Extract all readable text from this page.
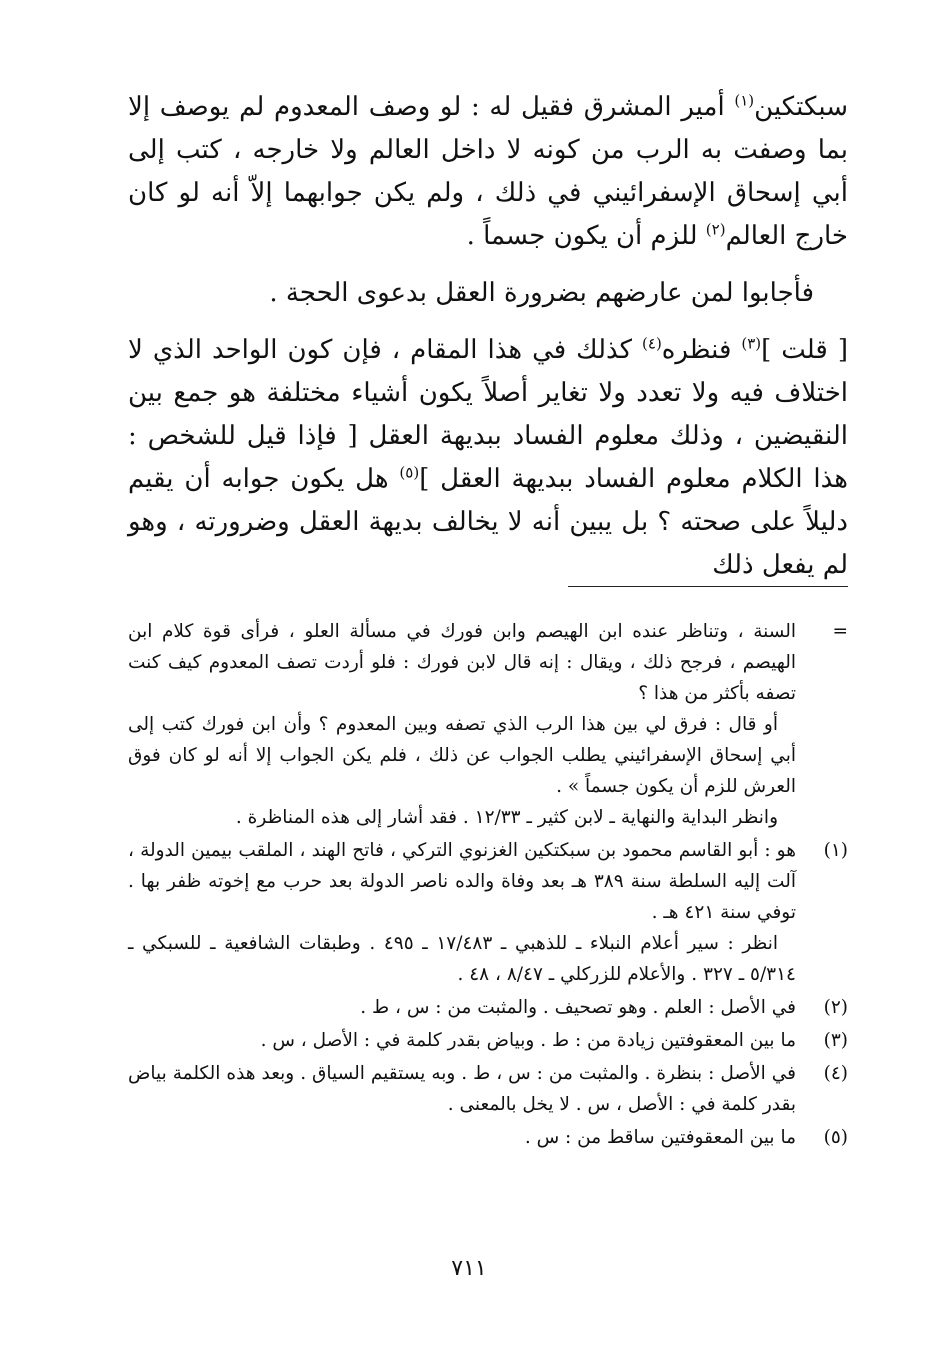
سبكتكين$^{(١)}$ أمير المشرق فقيل له : لو وصف المعدوم لم يوصف إلا بما وصفت به الرب من كونه لا داخل العالم ولا خارجه ، كتب إلى أبي إسحاق الإسفرائيني في ذلك ، ولم يكن جوابهما إلاّ أنه لو كان خارج العالم$^{(٢)}$ للزم أن يكون جسماً .

فأجابوا لمن عارضهم بضرورة العقل بدعوى الحجة .

[ قلت ]$^{(٣)}$ فنظره$^{(٤)}$ كذلك في هذا المقام ، فإن كون الواحد الذي لا اختلاف فيه ولا تعدد ولا تغاير أصلاً يكون أشياء مختلفة هو جمع بين النقيضين ، وذلك معلوم الفساد ببديهة العقل [ فإذا قيل للشخص : هذا الكلام معلوم الفساد ببديهة العقل ]$^{(٥)}$ هل يكون جوابه أن يقيم دليلاً على صحته ؟ بل يبين أنه لا يخالف بديهة العقل وضرورته ، وهو لم يفعل ذلك

=

السنة ، وتناظر عنده ابن الهيصم وابن فورك في مسألة العلو ، فرأى قوة كلام ابن الهيصم ، فرجح ذلك ، ويقال : إنه قال لابن فورك : فلو أردت تصف المعدوم كيف كنت تصفه بأكثر من هذا ؟

أو قال : فرق لي بين هذا الرب الذي تصفه وبين المعدوم ؟ وأن ابن فورك كتب إلى أبي إسحاق الإسفرائيني يطلب الجواب عن ذلك ، فلم يكن الجواب إلا أنه لو كان فوق العرش للزم أن يكون جسماً » .

وانظر البداية والنهاية ـ لابن كثير ـ ١٢/٣٣ . فقد أشار إلى هذه المناظرة .

(١)

هو : أبو القاسم محمود بن سبكتكين الغزنوي التركي ، فاتح الهند ، الملقب بيمين الدولة ، آلت إليه السلطة سنة ٣٨٩ هـ بعد وفاة والده ناصر الدولة بعد حرب مع إخوته ظفر بها . توفي سنة ٤٢١ هـ .

انظر : سير أعلام النبلاء ـ للذهبي ـ ١٧/٤٨٣ ـ ٤٩٥ . وطبقات الشافعية ـ للسبكي ـ ٥/٣١٤ ـ ٣٢٧ . والأعلام للزركلي ـ ٨/٤٧ ، ٤٨ .

(٢)

في الأصل : العلم . وهو تصحيف . والمثبت من : س ، ط .

(٣)

ما بين المعقوفتين زيادة من : ط . وبياض بقدر كلمة في : الأصل ، س .

(٤)

في الأصل : بنظرة . والمثبت من : س ، ط . وبه يستقيم السياق . وبعد هذه الكلمة بياض بقدر كلمة في : الأصل ، س . لا يخل بالمعنى .

(٥)

ما بين المعقوفتين ساقط من : س .

٧١١
